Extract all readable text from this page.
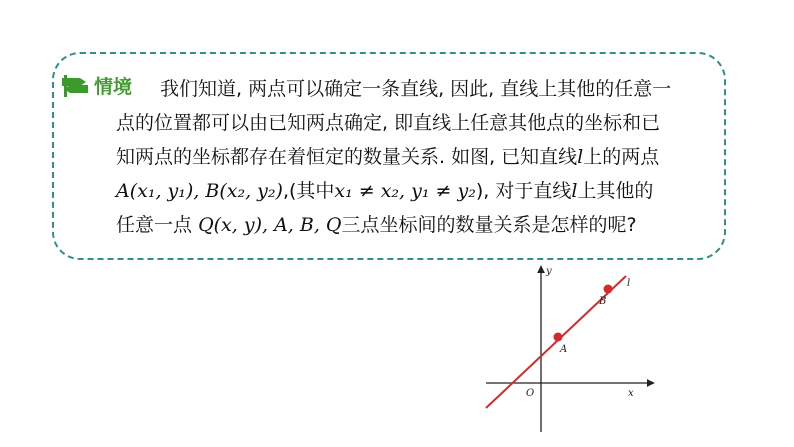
情境	我们知道, 两点可以确定一条直线, 因此, 直线上其他的任意一
点的位置都可以由已知两点确定, 即直线上任意其他点的坐标和已
知两点的坐标都存在着恒定的数量关系. 如图, 已知直线l上的两点
A(x₁, y₁), B(x₂, y₂),(其中x₁ ≠ x₂, y₁ ≠ y₂), 对于直线l上其他的
任意一点 Q(x, y), A, B, Q三点坐标间的数量关系是怎样的呢?
y
x
O
l
A
B
